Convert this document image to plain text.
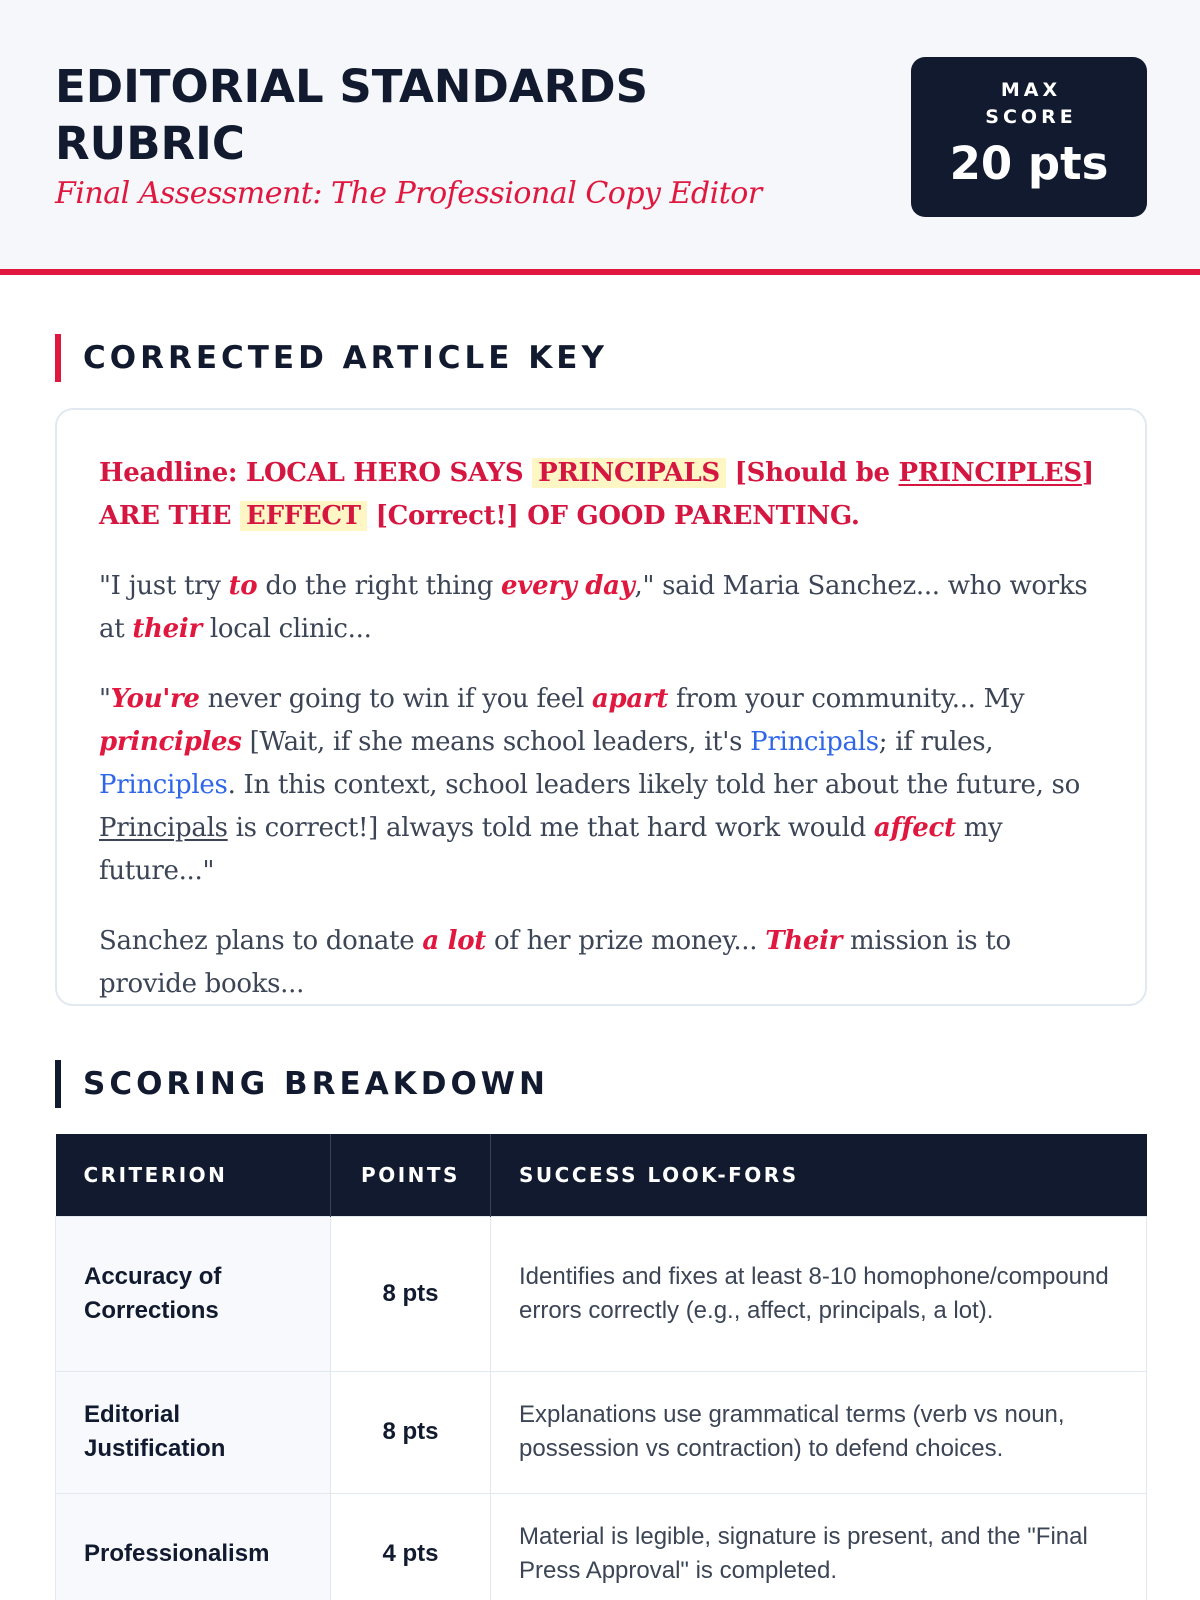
EDITORIAL STANDARDS RUBRIC
Final Assessment: The Professional Copy Editor
MAX
SCORE
20 pts
CORRECTED ARTICLE KEY

Headline: LOCAL HERO SAYS PRINCIPALS [Should be PRINCIPLES] ARE THE EFFECT [Correct!] OF GOOD PARENTING.

"I just try to do the right thing every day," said Maria Sanchez... who works at their local clinic...

"You're never going to win if you feel apart from your community... My principles [Wait, if she means school leaders, it's Principals; if rules, Principles. In this context, school leaders likely told her about the future, so Principals is correct!] always told me that hard work would affect my future..."

Sanchez plans to donate a lot of her prize money... Their mission is to provide books...

SCORING BREAKDOWN
CRITERION	POINTS	SUCCESS LOOK-FORS
Accuracy of Corrections	8 pts	Identifies and fixes at least 8-10 homophone/compound errors correctly (e.g., affect, principals, a lot).
Editorial Justification	8 pts	Explanations use grammatical terms (verb vs noun, possession vs contraction) to defend choices.
Professionalism	4 pts	Material is legible, signature is present, and the "Final Press Approval" is completed.
